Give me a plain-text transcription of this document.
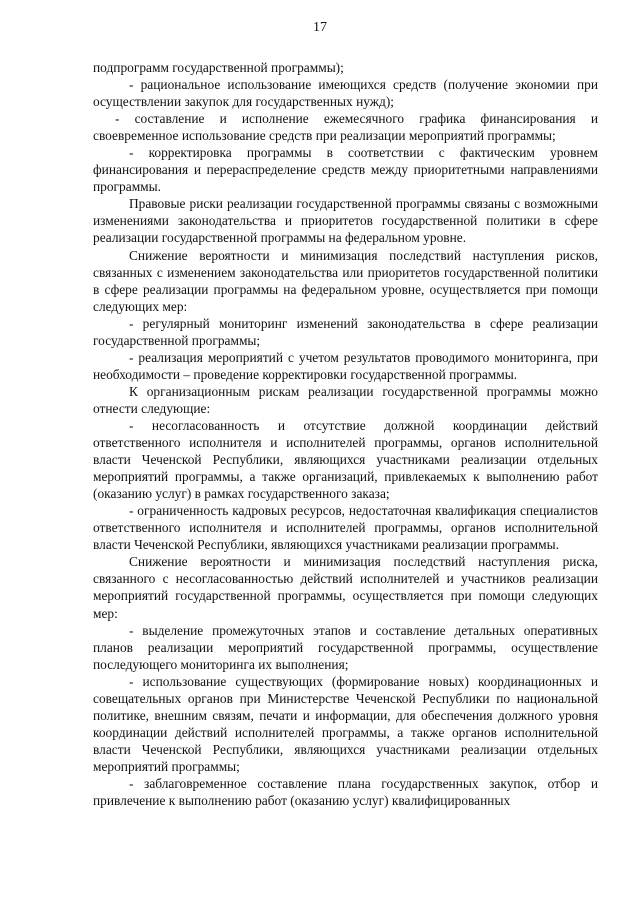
17

подпрограмм государственной программы);

- рациональное использование имеющихся средств (получение экономии при осуществлении закупок для государственных нужд);

- составление и исполнение ежемесячного графика финансирования и своевременное использование средств при реализации мероприятий программы;

- корректировка программы в соответствии с фактическим уровнем финансирования и перераспределение средств между приоритетными направлениями программы.

Правовые риски реализации государственной программы связаны с возможными изменениями законодательства и приоритетов государственной политики в сфере реализации государственной программы на федеральном уровне.

Снижение вероятности и минимизация последствий наступления рисков, связанных с изменением законодательства или приоритетов государственной политики в сфере реализации программы на федеральном уровне, осуществляется при помощи следующих мер:

- регулярный мониторинг изменений законодательства в сфере реализации государственной программы;

- реализация мероприятий с учетом результатов проводимого мониторинга, при необходимости – проведение корректировки государственной программы.

К организационным рискам реализации государственной программы можно отнести следующие:

- несогласованность и отсутствие должной координации действий ответственного исполнителя и исполнителей программы, органов исполнительной власти Чеченской Республики, являющихся участниками реализации отдельных мероприятий программы, а также организаций, привлекаемых к выполнению работ (оказанию услуг) в рамках государственного заказа;

- ограниченность кадровых ресурсов, недостаточная квалификация специалистов ответственного исполнителя и исполнителей программы, органов исполнительной власти Чеченской Республики, являющихся участниками реализации программы.

Снижение вероятности и минимизация последствий наступления риска, связанного с несогласованностью действий исполнителей и участников реализации мероприятий государственной программы, осуществляется при помощи следующих мер:

- выделение промежуточных этапов и составление детальных оперативных планов реализации мероприятий государственной программы, осуществление последующего мониторинга их выполнения;

- использование существующих (формирование новых) координационных и совещательных органов при Министерстве Чеченской Республики по национальной политике, внешним связям, печати и информации, для обеспечения должного уровня координации действий исполнителей программы, а также органов исполнительной власти Чеченской Республики, являющихся участниками реализации отдельных мероприятий программы;

- заблаговременное составление плана государственных закупок, отбор и привлечение к выполнению работ (оказанию услуг) квалифицированных
